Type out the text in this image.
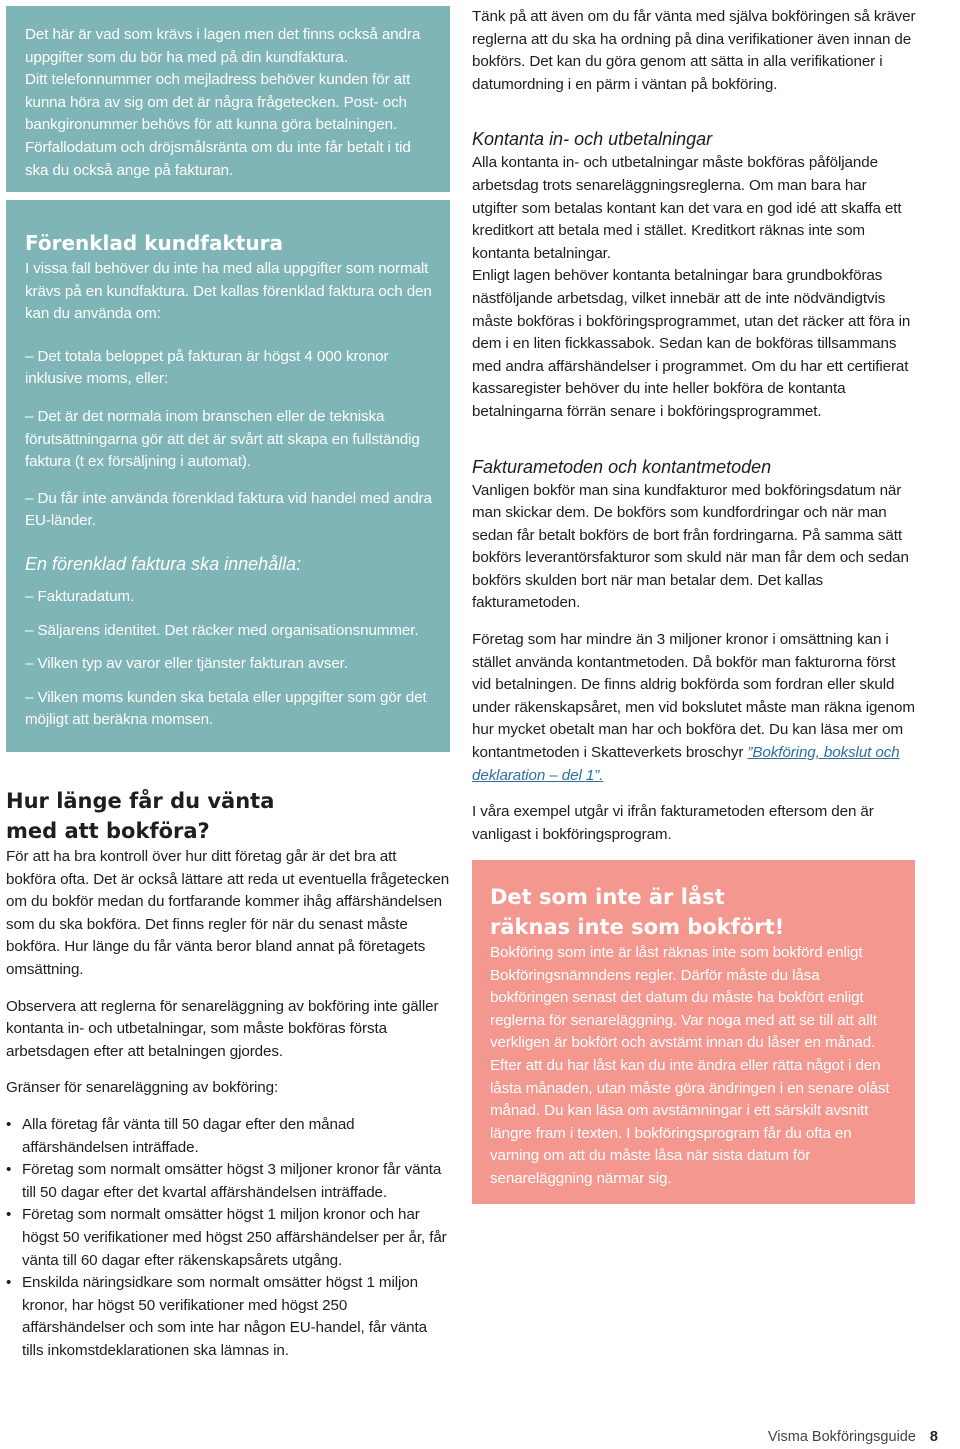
Det här är vad som krävs i lagen men det finns också andra uppgifter som du bör ha med på din kundfaktura.

Ditt telefonnummer och mejladress behöver kunden för att kunna höra av sig om det är några frågetecken. Post- och bankgironummer behövs för att kunna göra betalningen.

Förfallodatum och dröjsmålsränta om du inte får betalt i tid ska du också ange på fakturan.

Förenklad kundfaktura

I vissa fall behöver du inte ha med alla uppgifter som normalt krävs på en kundfaktura. Det kallas förenklad faktura och den kan du använda om:

– Det totala beloppet på fakturan är högst 4 000 kronor inklusive moms, eller:

– Det är det normala inom branschen eller de tekniska förutsättningarna gör att det är svårt att skapa en fullständig faktura (t ex försäljning i automat).

– Du får inte använda förenklad faktura vid handel med andra EU-länder.

En förenklad faktura ska innehålla:

– Fakturadatum.

– Säljarens identitet. Det räcker med organisationsnummer.

– Vilken typ av varor eller tjänster fakturan avser.

– Vilken moms kunden ska betala eller uppgifter som gör det möjligt att beräkna momsen.

Hur länge får du vänta med att bokföra?

För att ha bra kontroll över hur ditt företag går är det bra att bokföra ofta. Det är också lättare att reda ut eventuella frågetecken om du bokför medan du fortfarande kommer ihåg affärshändelsen som du ska bokföra. Det finns regler för när du senast måste bokföra. Hur länge du får vänta beror bland annat på företagets omsättning.

Observera att reglerna för senareläggning av bokföring inte gäller kontanta in- och utbetalningar, som måste bokföras första arbetsdagen efter att betalningen gjordes.

Gränser för senareläggning av bokföring:

• Alla företag får vänta till 50 dagar efter den månad affärshändelsen inträffade.
• Företag som normalt omsätter högst 3 miljoner kronor får vänta till 50 dagar efter det kvartal affärshändelsen inträffade.
• Företag som normalt omsätter högst 1 miljon kronor och har högst 50 verifikationer med högst 250 affärshändelser per år, får vänta till 60 dagar efter räkenskapsårets utgång.
• Enskilda näringsidkare som normalt omsätter högst 1 miljon kronor, har högst 50 verifikationer med högst 250 affärshändelser och som inte har någon EU-handel, får vänta tills inkomstdeklarationen ska lämnas in.

Tänk på att även om du får vänta med själva bokföringen så kräver reglerna att du ska ha ordning på dina verifikationer även innan de bokförs. Det kan du göra genom att sätta in alla verifikationer i datumordning i en pärm i väntan på bokföring.

Kontanta in- och utbetalningar

Alla kontanta in- och utbetalningar måste bokföras påföljande arbetsdag trots senareläggningsreglerna. Om man bara har utgifter som betalas kontant kan det vara en god idé att skaffa ett kreditkort att betala med i stället. Kreditkort räknas inte som kontanta betalningar.

Enligt lagen behöver kontanta betalningar bara grundbokföras nästföljande arbetsdag, vilket innebär att de inte nödvändigtvis måste bokföras i bokföringsprogrammet, utan det räcker att föra in dem i en liten fickkassabok. Sedan kan de bokföras tillsammans med andra affärshändelser i programmet. Om du har ett certifierat kassaregister behöver du inte heller bokföra de kontanta betalningarna förrän senare i bokföringsprogrammet.

Fakturametoden och kontantmetoden

Vanligen bokför man sina kundfakturor med bokföringsdatum när man skickar dem. De bokförs som kundfordringar och när man sedan får betalt bokförs de bort från fordringarna. På samma sätt bokförs leverantörsfakturor som skuld när man får dem och sedan bokförs skulden bort när man betalar dem. Det kallas fakturametoden.

Företag som har mindre än 3 miljoner kronor i omsättning kan i stället använda kontantmetoden. Då bokför man fakturorna först vid betalningen. De finns aldrig bokförda som fordran eller skuld under räkenskapsåret, men vid bokslutet måste man räkna igenom hur mycket obetalt man har och bokföra det. Du kan läsa mer om kontantmetoden i Skatteverkets broschyr ”Bokföring, bokslut och deklaration – del 1”.

I våra exempel utgår vi ifrån fakturametoden eftersom den är vanligast i bokföringsprogram.

Det som inte är låst räknas inte som bokfört!

Bokföring som inte är låst räknas inte som bokförd enligt Bokföringsnämndens regler. Därför måste du låsa bokföringen senast det datum du måste ha bokfört enligt reglerna för senareläggning. Var noga med att se till att allt verkligen är bokfört och avstämt innan du låser en månad. Efter att du har låst kan du inte ändra eller rätta något i den låsta månaden, utan måste göra ändringen i en senare olåst månad. Du kan läsa om avstämningar i ett särskilt avsnitt längre fram i texten. I bokföringsprogram får du ofta en varning om att du måste låsa när sista datum för senareläggning närmar sig.

Visma Bokföringsguide 8
